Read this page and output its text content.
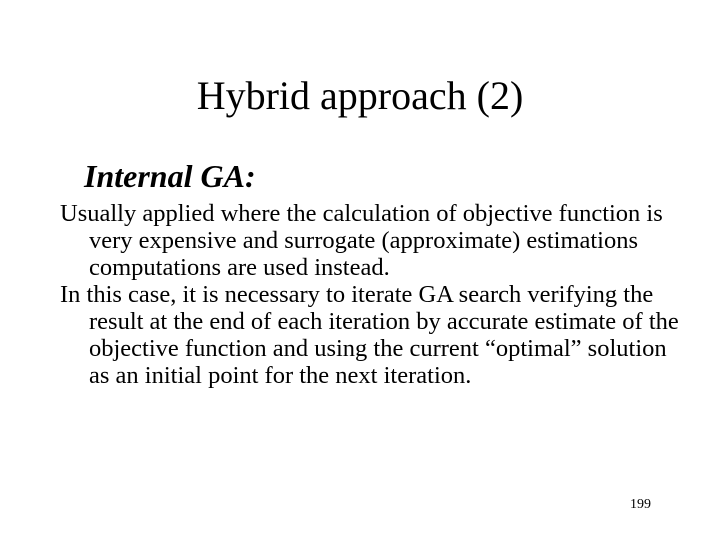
Hybrid approach (2)
Internal GA:

Usually applied where the calculation of objective function is very expensive and surrogate (approximate) estimations computations are used instead.

In this case, it is necessary to iterate GA search verifying the result at the end of each iteration by accurate estimate of the objective function and using the current “optimal” solution as an initial point for the next iteration.

199
